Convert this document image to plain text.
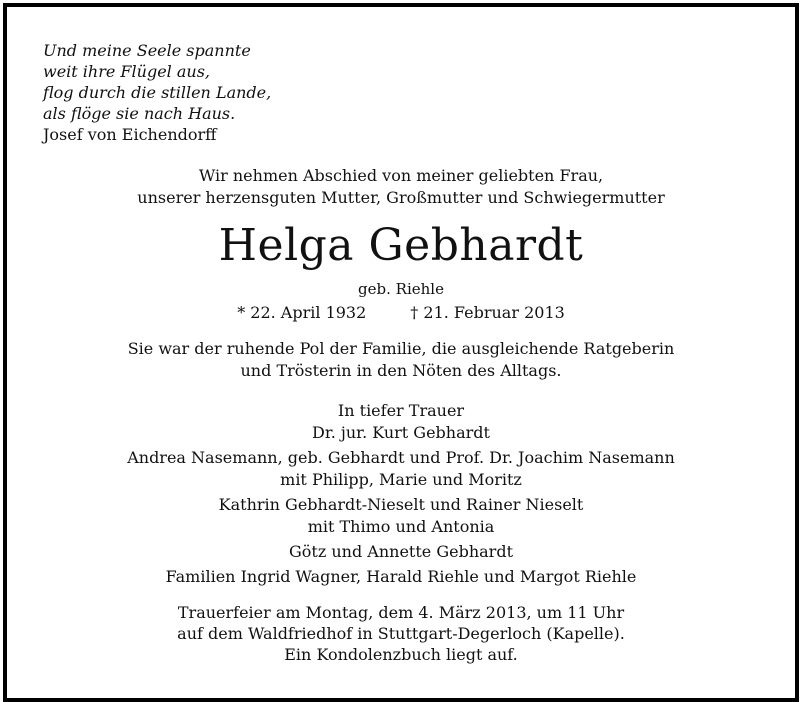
Und meine Seele spannte
weit ihre Flügel aus,
flog durch die stillen Lande,
als flöge sie nach Haus.
Josef von Eichendorff
Wir nehmen Abschied von meiner geliebten Frau,
unserer herzensguten Mutter, Großmutter und Schwiegermutter
Helga Gebhardt
geb. Riehle
* 22. April 1932	† 21. Februar 2013
Sie war der ruhende Pol der Familie, die ausgleichende Ratgeberin
und Trösterin in den Nöten des Alltags.
In tiefer Trauer
Dr. jur. Kurt Gebhardt
Andrea Nasemann, geb. Gebhardt und Prof. Dr. Joachim Nasemann
mit Philipp, Marie und Moritz
Kathrin Gebhardt-Nieselt und Rainer Nieselt
mit Thimo und Antonia
Götz und Annette Gebhardt
Familien Ingrid Wagner, Harald Riehle und Margot Riehle
Trauerfeier am Montag, dem 4. März 2013, um 11 Uhr
auf dem Waldfriedhof in Stuttgart-Degerloch (Kapelle).
Ein Kondolenzbuch liegt auf.
